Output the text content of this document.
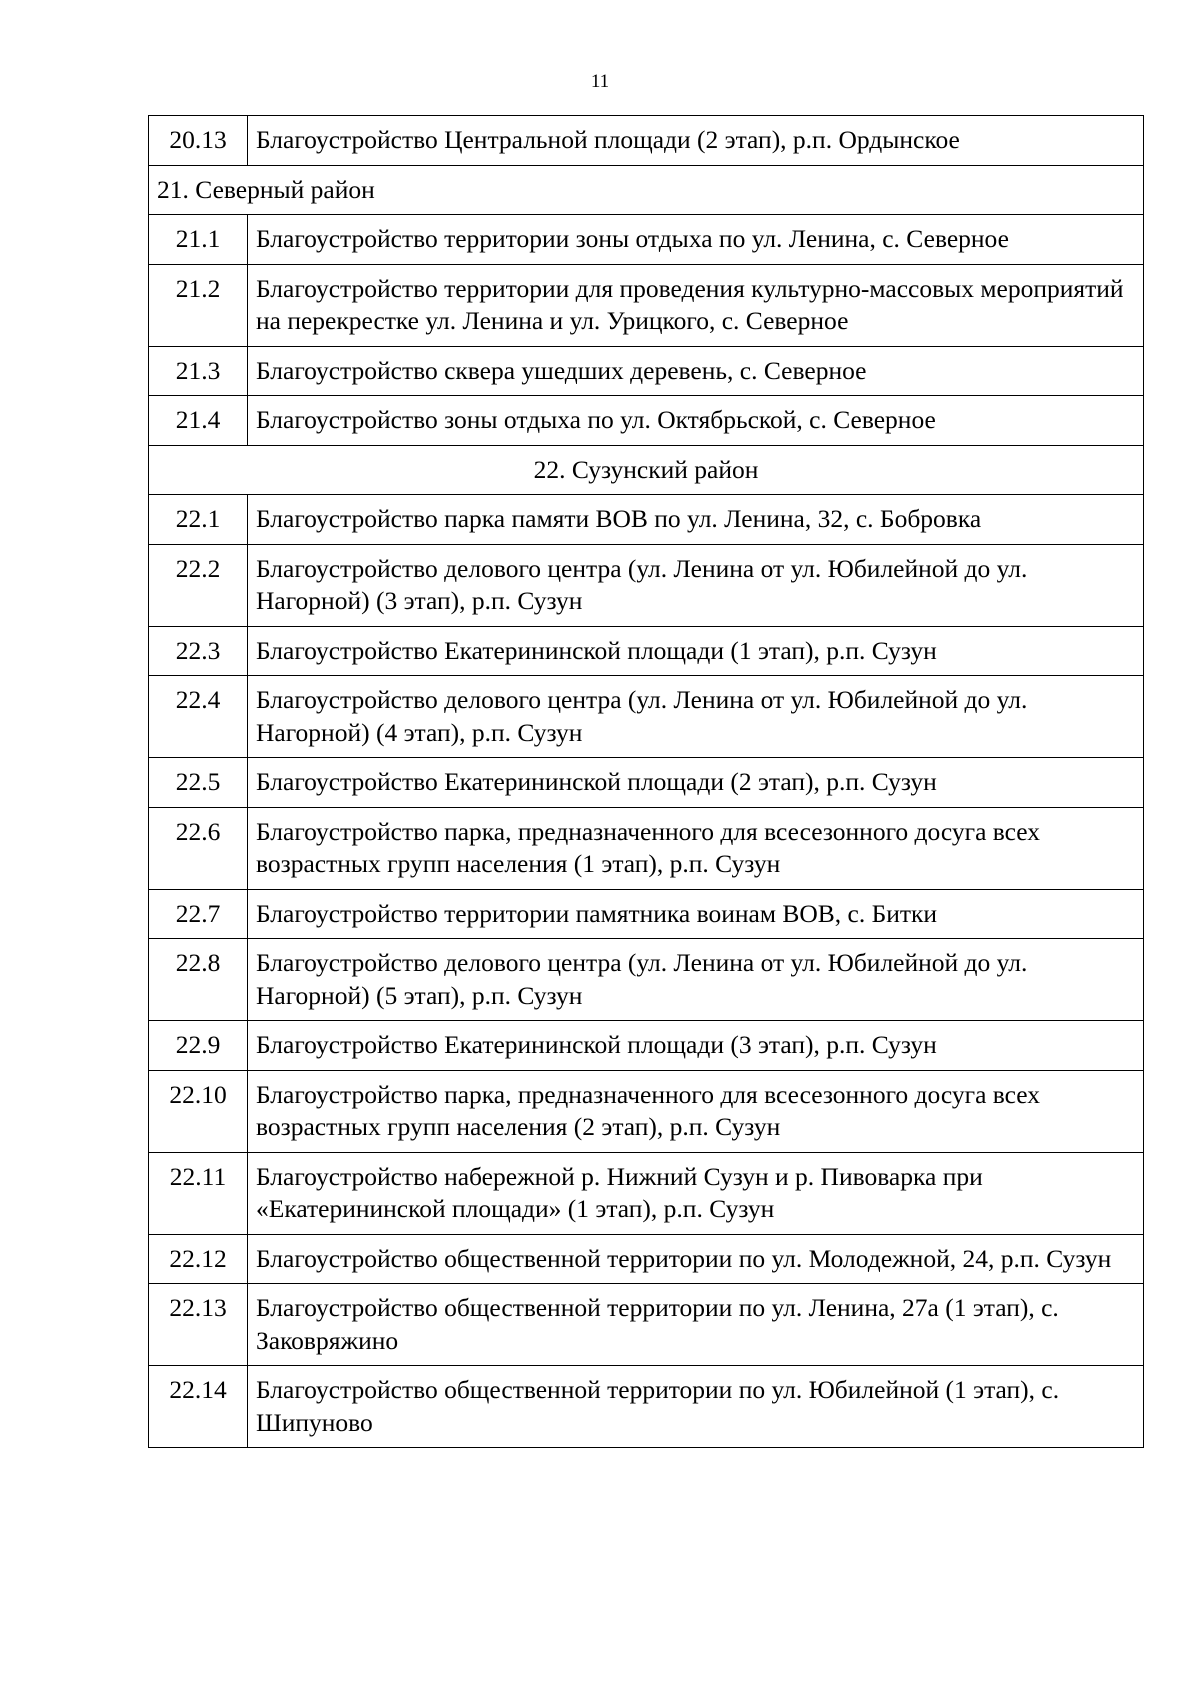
11
20.13	Благоустройство Центральной площади (2 этап), р.п. Ордынское
21. Северный район	
21.1	Благоустройство территории зоны отдыха по ул. Ленина, с. Северное
21.2	Благоустройство территории для проведения культурно-массовых мероприятий на перекрестке ул. Ленина и ул. Урицкого, с. Северное
21.3	Благоустройство сквера ушедших деревень, с. Северное
21.4	Благоустройство зоны отдыха по ул. Октябрьской, с. Северное
22. Сузунский район	
22.1	Благоустройство парка памяти ВОВ по ул. Ленина, 32, с. Бобровка
22.2	Благоустройство делового центра (ул. Ленина от ул. Юбилейной до ул. Нагорной) (3 этап), р.п. Сузун
22.3	Благоустройство Екатерининской площади (1 этап), р.п. Сузун
22.4	Благоустройство делового центра (ул. Ленина от ул. Юбилейной до ул. Нагорной) (4 этап), р.п. Сузун
22.5	Благоустройство Екатерининской площади (2 этап), р.п. Сузун
22.6	Благоустройство парка, предназначенного для всесезонного досуга всех возрастных групп населения (1 этап), р.п. Сузун
22.7	Благоустройство территории памятника воинам ВОВ, с. Битки
22.8	Благоустройство делового центра (ул. Ленина от ул. Юбилейной до ул. Нагорной) (5 этап), р.п. Сузун
22.9	Благоустройство Екатерининской площади (3 этап), р.п. Сузун
22.10	Благоустройство парка, предназначенного для всесезонного досуга всех возрастных групп населения (2 этап), р.п. Сузун
22.11	Благоустройство набережной р. Нижний Сузун и р. Пивоварка при «Екатерининской площади» (1 этап), р.п. Сузун
22.12	Благоустройство общественной территории по ул. Молодежной, 24, р.п. Сузун
22.13	Благоустройство общественной территории по ул. Ленина, 27а (1 этап), с. Заковряжино
22.14	Благоустройство общественной территории по ул. Юбилейной (1 этап), с. Шипуново
